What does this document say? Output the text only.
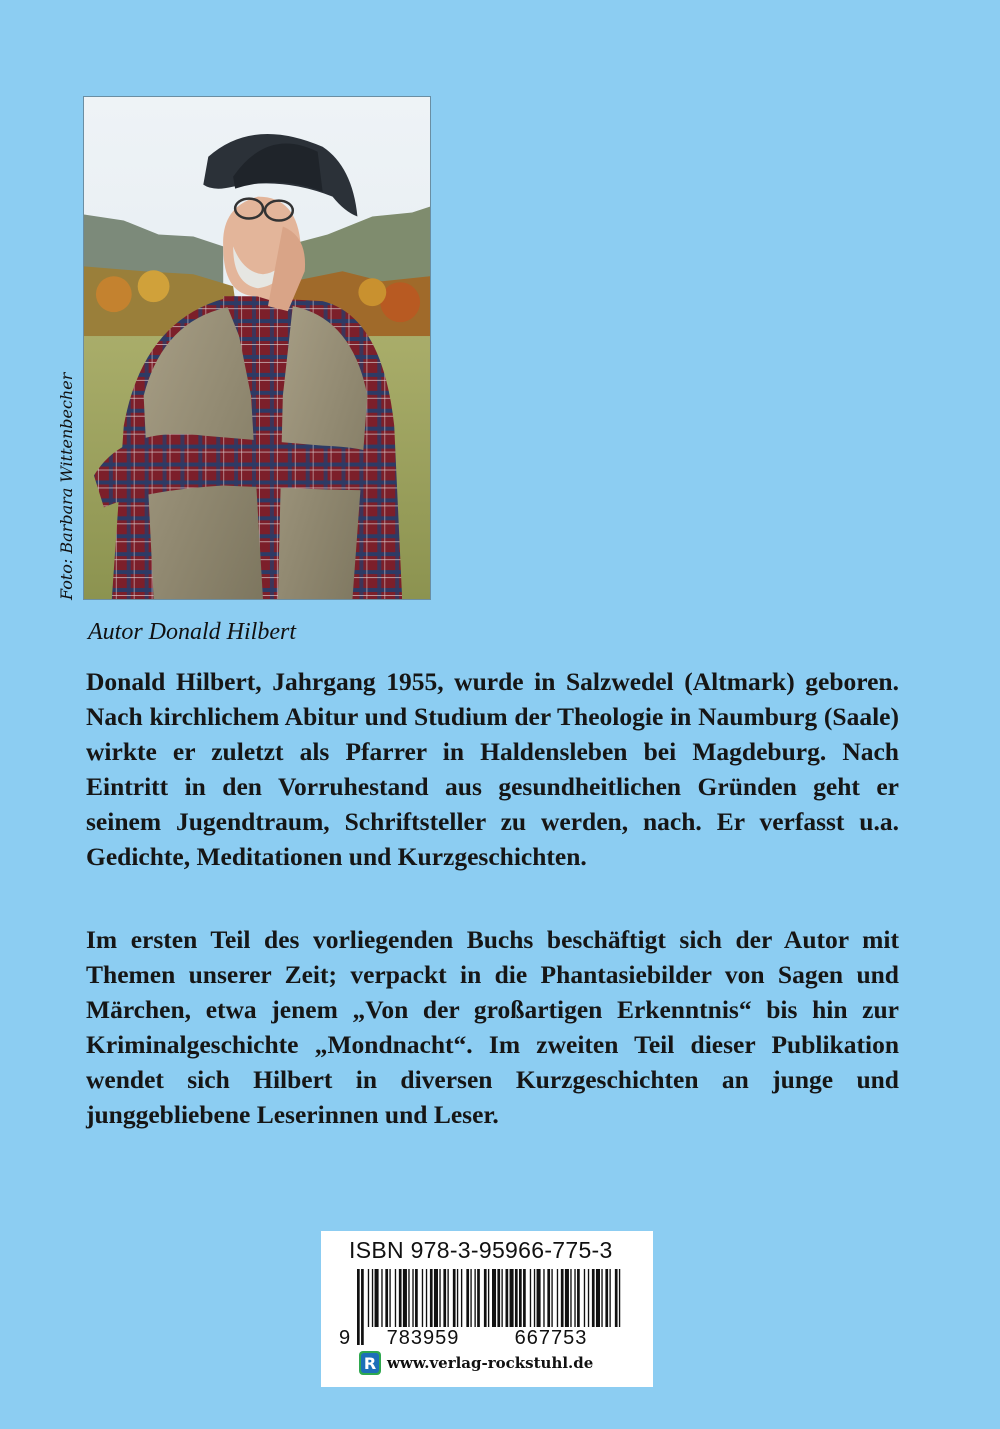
Foto: Barbara Wittenbecher
Autor Donald Hilbert

Donald Hilbert, Jahrgang 1955, wurde in Salzwedel (Altmark) geboren. Nach kirchlichem Abitur und Studium der Theologie in Naumburg (Saale) wirkte er zuletzt als Pfarrer in Haldensleben bei Magdeburg. Nach Eintritt in den Vorruhestand aus gesundheitlichen Gründen geht er seinem Jugendtraum, Schriftsteller zu werden, nach. Er verfasst u.a. Gedichte, Meditationen und Kurzgeschichten.

Im ersten Teil des vorliegenden Buchs beschäftigt sich der Autor mit Themen unserer Zeit; verpackt in die Phantasiebilder von Sagen und Märchen, etwa jenem „Von der großartigen Erkenntnis“ bis hin zur Kriminalgeschichte „Mondnacht“. Im zweiten Teil dieser Publikation wendet sich Hilbert in diversen Kurzgeschichten an junge und junggebliebene Leserinnen und Leser.

ISBN 978-3-95966-775-3
9	783959	667753
R www.verlag-rockstuhl.de
